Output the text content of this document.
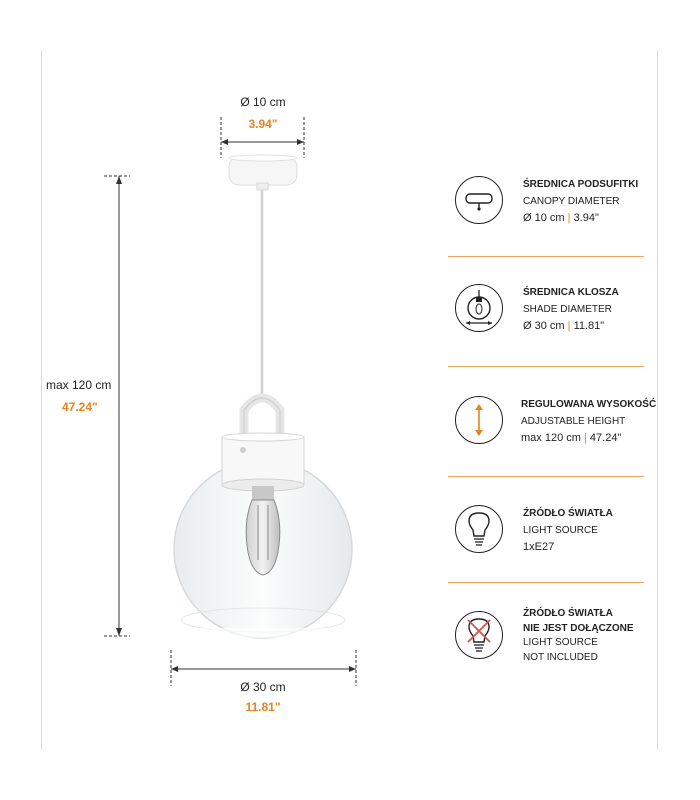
Ø 10 cm
3.94"
max 120 cm
47.24"
Ø 30 cm
11.81"
ŚREDNICA PODSUFITKI
CANOPY DIAMETER
Ø 10 cm | 3.94"
ŚREDNICA KLOSZA
SHADE DIAMETER
Ø 30 cm | 11.81"
REGULOWANA WYSOKOŚĆ
ADJUSTABLE HEIGHT
max 120 cm | 47.24"
ŹRÓDŁO ŚWIATŁA
LIGHT SOURCE
1xE27
ŹRÓDŁO ŚWIATŁA
NIE JEST DOŁĄCZONE
LIGHT SOURCE
NOT INCLUDED
